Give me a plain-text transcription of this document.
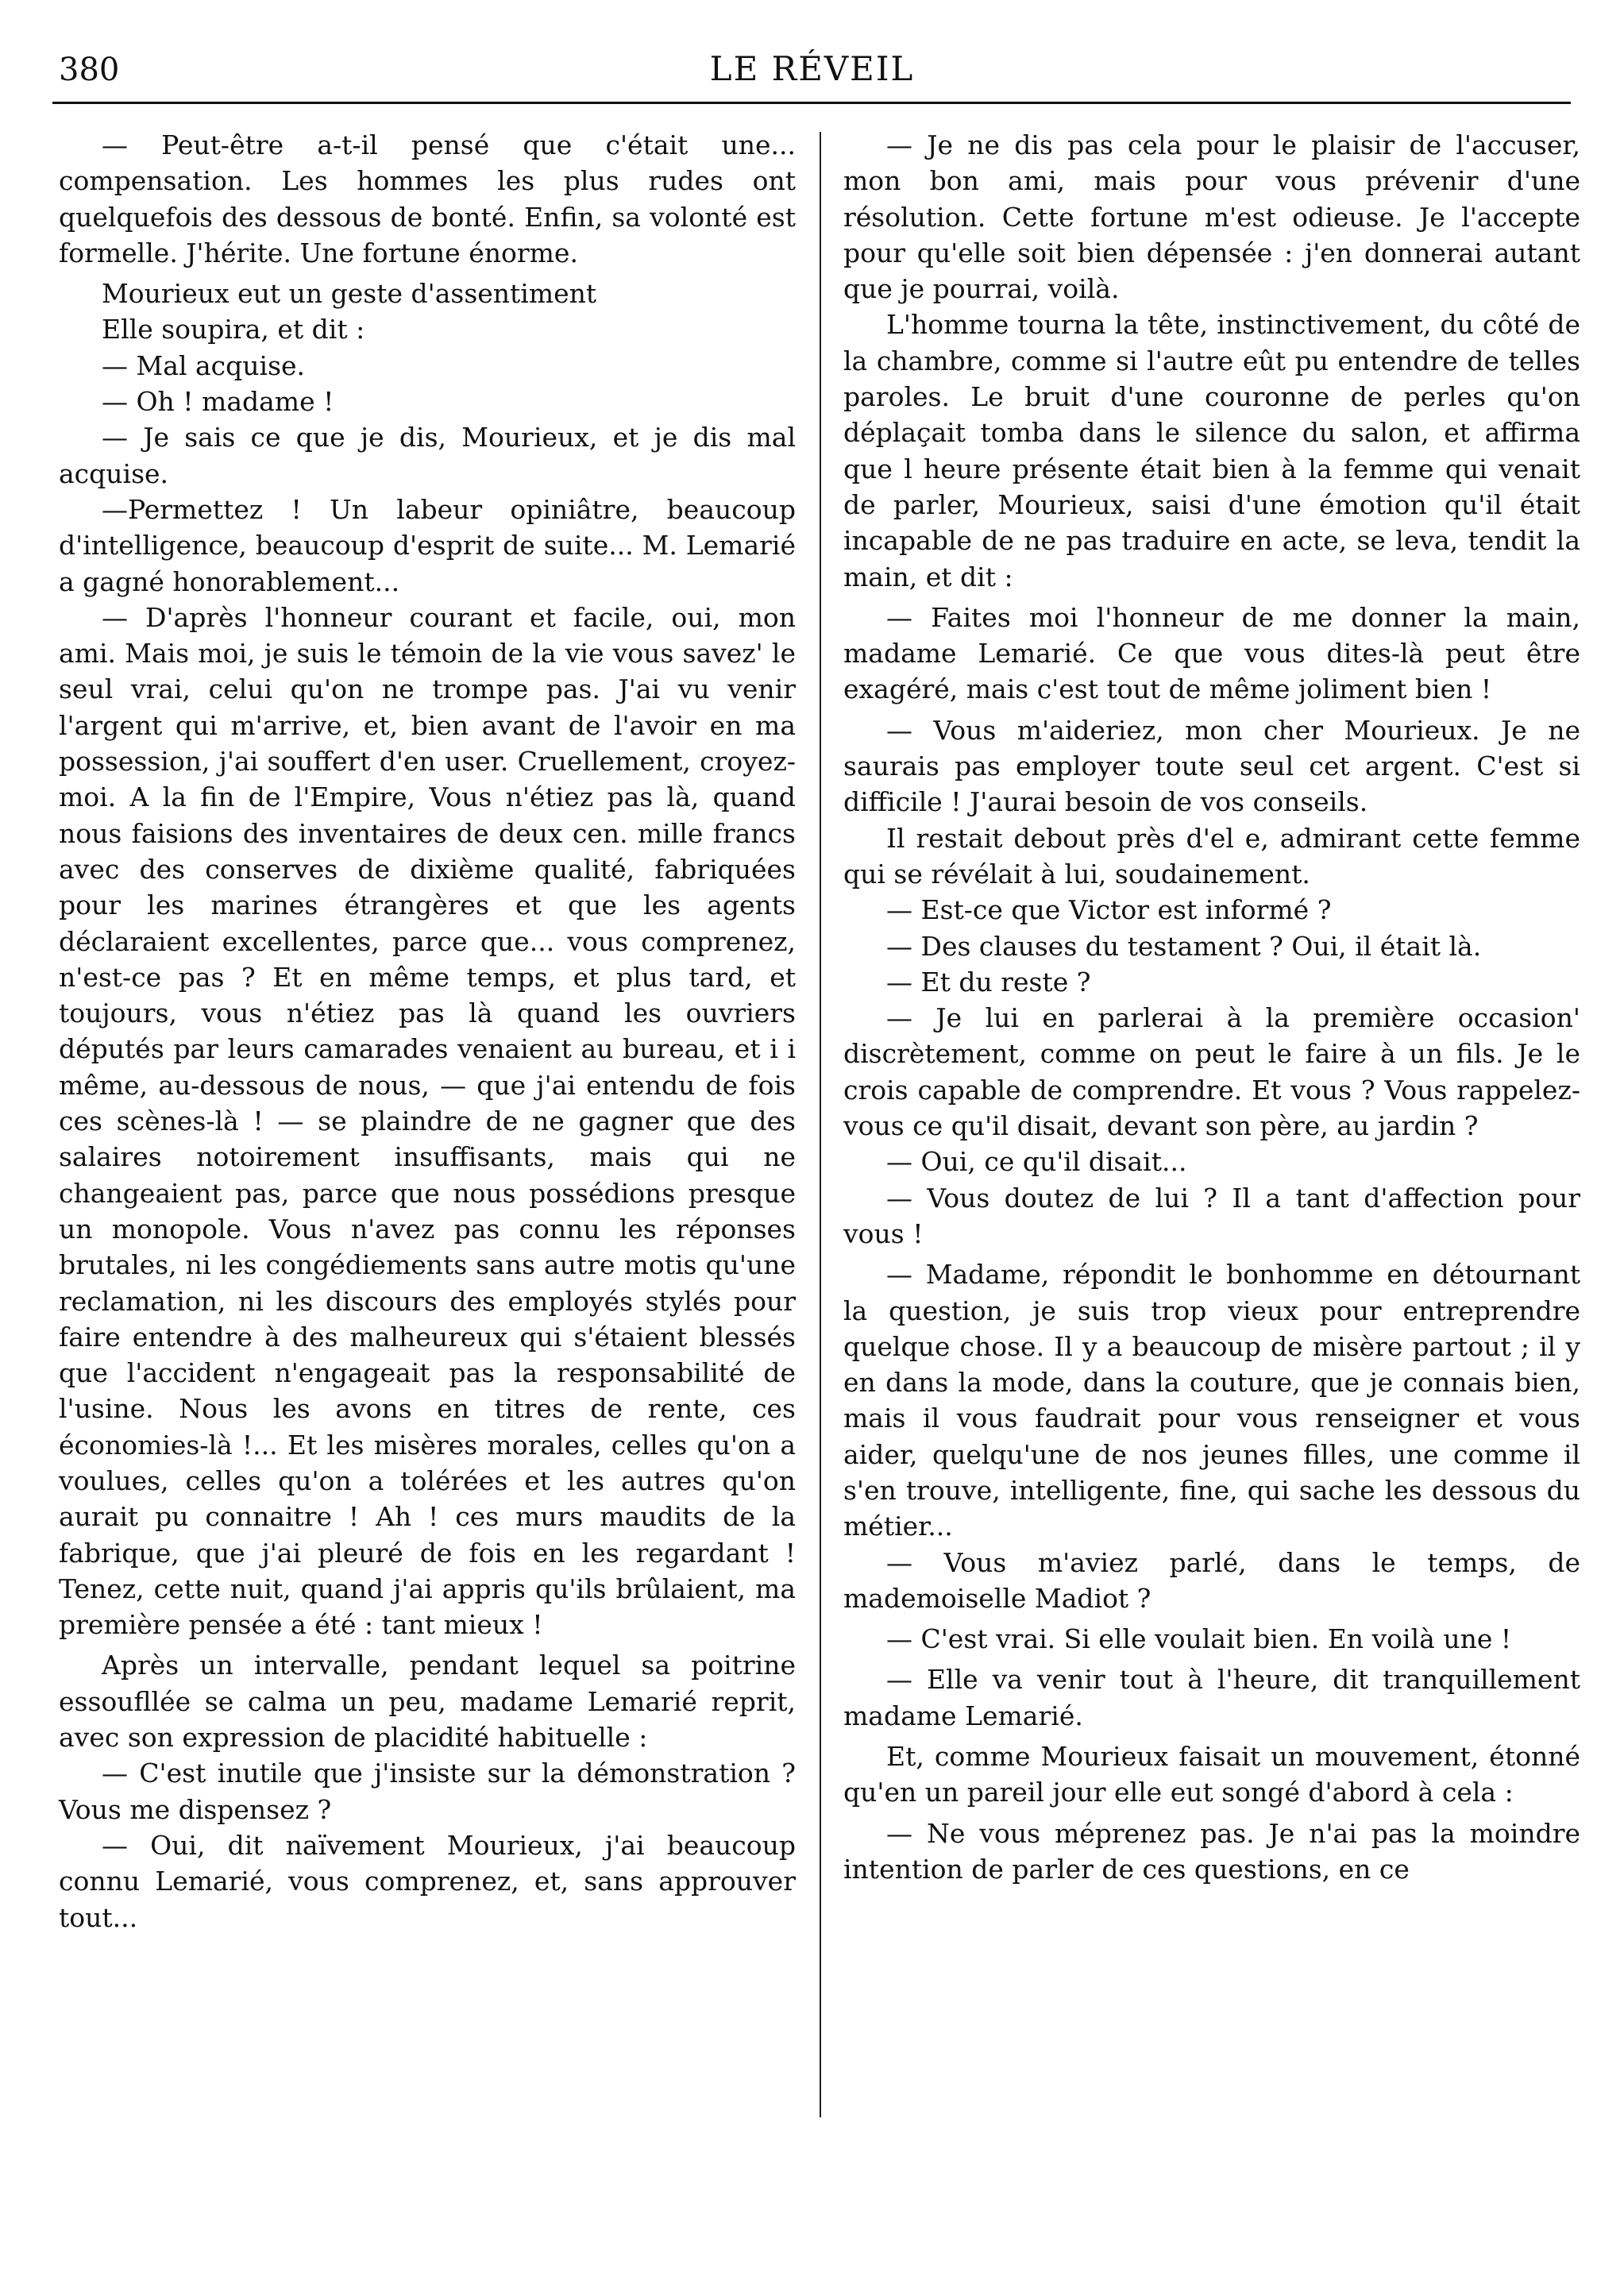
380	LE RÉVEIL

— Peut-être a-t-il pensé que c'était une... compensation. Les hommes les plus rudes ont quelquefois des dessous de bonté. Enfin, sa volonté est formelle. J'hérite. Une fortune énorme.

Mourieux eut un geste d'assentiment

Elle soupira, et dit :

— Mal acquise.

— Oh ! madame !

— Je sais ce que je dis, Mourieux, et je dis mal acquise.

—Permettez ! Un labeur opiniâtre, beaucoup d'intelligence, beaucoup d'esprit de suite... M. Lemarié a gagné honorablement...

— D'après l'honneur courant et facile, oui, mon ami. Mais moi, je suis le témoin de la vie vous savez' le seul vrai, celui qu'on ne trompe pas. J'ai vu venir l'argent qui m'arrive, et, bien avant de l'avoir en ma possession, j'ai souffert d'en user. Cruellement, croyez-moi. A la fin de l'Empire, Vous n'étiez pas là, quand nous faisions des inventaires de deux cen. mille francs avec des conserves de dixième qualité, fabriquées pour les marines étrangères et que les agents déclaraient excellentes, parce que... vous comprenez, n'est-ce pas ? Et en même temps, et plus tard, et toujours, vous n'étiez pas là quand les ouvriers députés par leurs camarades venaient au bureau, et i i même, au-dessous de nous, — que j'ai entendu de fois ces scènes-là ! — se plaindre de ne gagner que des salaires notoirement insuffisants, mais qui ne changeaient pas, parce que nous possédions presque un monopole. Vous n'avez pas connu les réponses brutales, ni les congédiements sans autre motis qu'une reclamation, ni les discours des employés stylés pour faire entendre à des malheureux qui s'étaient blessés que l'accident n'engageait pas la responsabilité de l'usine. Nous les avons en titres de rente, ces économies-là !... Et les misères morales, celles qu'on a voulues, celles qu'on a tolérées et les autres qu'on aurait pu connaitre ! Ah ! ces murs maudits de la fabrique, que j'ai pleuré de fois en les regardant ! Tenez, cette nuit, quand j'ai appris qu'ils brûlaient, ma première pensée a été : tant mieux !

Après un intervalle, pendant lequel sa poitrine essoufllée se calma un peu, madame Lemarié reprit, avec son expression de placidité habituelle :

— C'est inutile que j'insiste sur la démonstration ? Vous me dispensez ?

— Oui, dit naïvement Mourieux, j'ai beaucoup connu Lemarié, vous comprenez, et, sans approuver tout...

— Je ne dis pas cela pour le plaisir de l'accuser, mon bon ami, mais pour vous prévenir d'une résolution. Cette fortune m'est odieuse. Je l'accepte pour qu'elle soit bien dépensée : j'en donnerai autant que je pourrai, voilà.

L'homme tourna la tête, instinctivement, du côté de la chambre, comme si l'autre eût pu entendre de telles paroles. Le bruit d'une couronne de perles qu'on déplaçait tomba dans le silence du salon, et affirma que l heure présente était bien à la femme qui venait de parler, Mourieux, saisi d'une émotion qu'il était incapable de ne pas traduire en acte, se leva, tendit la main, et dit :

— Faites moi l'honneur de me donner la main, madame Lemarié. Ce que vous dites-là peut être exagéré, mais c'est tout de même joliment bien !

— Vous m'aideriez, mon cher Mourieux. Je ne saurais pas employer toute seul cet argent. C'est si difficile ! J'aurai besoin de vos conseils.

Il restait debout près d'el e, admirant cette femme qui se révélait à lui, soudainement.

— Est-ce que Victor est informé ?

— Des clauses du testament ? Oui, il était là.

— Et du reste ?

— Je lui en parlerai à la première occasion' discrètement, comme on peut le faire à un fils. Je le crois capable de comprendre. Et vous ? Vous rappelez-vous ce qu'il disait, devant son père, au jardin ?

— Oui, ce qu'il disait...

— Vous doutez de lui ? Il a tant d'affection pour vous !

— Madame, répondit le bonhomme en détournant la question, je suis trop vieux pour entreprendre quelque chose. Il y a beaucoup de misère partout ; il y en dans la mode, dans la couture, que je connais bien, mais il vous faudrait pour vous renseigner et vous aider, quelqu'une de nos jeunes filles, une comme il s'en trouve, intelligente, fine, qui sache les dessous du métier...

— Vous m'aviez parlé, dans le temps, de mademoiselle Madiot ?

— C'est vrai. Si elle voulait bien. En voilà une !

— Elle va venir tout à l'heure, dit tranquillement madame Lemarié.

Et, comme Mourieux faisait un mouvement, étonné qu'en un pareil jour elle eut songé d'abord à cela :

— Ne vous méprenez pas. Je n'ai pas la moindre intention de parler de ces questions, en ce
